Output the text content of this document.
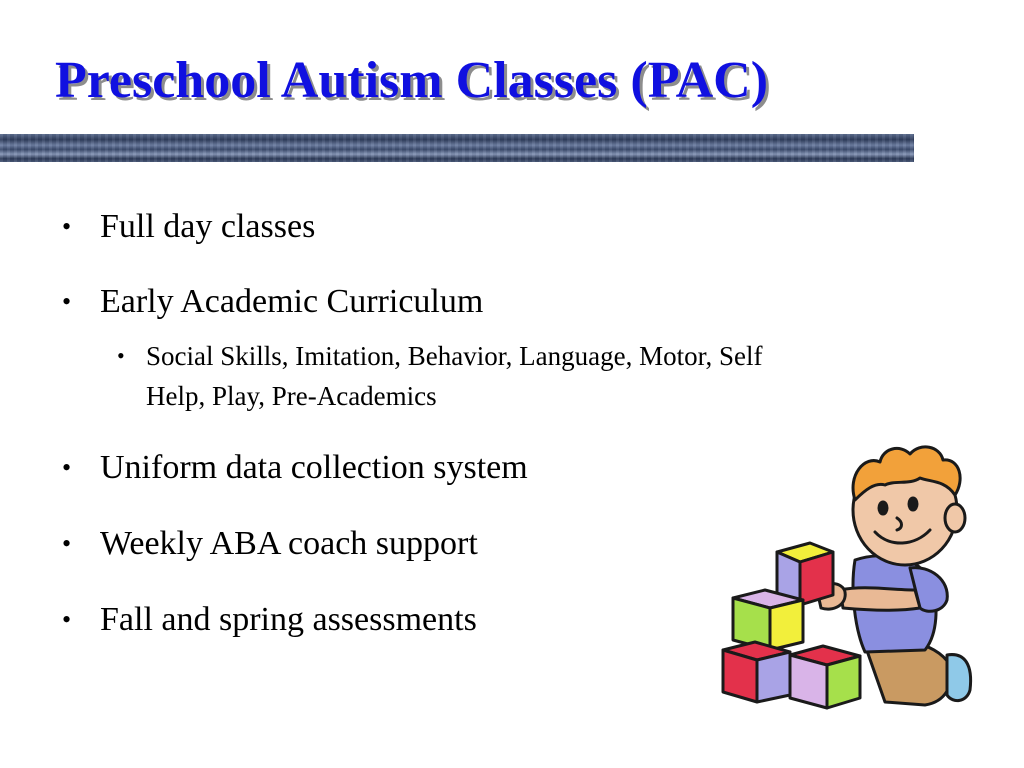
Preschool Autism Classes (PAC)
• Full day classes
• Early Academic Curriculum
• Social Skills, Imitation, Behavior, Language, Motor, Self Help, Play, Pre-Academics
• Uniform data collection system
• Weekly ABA coach support
• Fall and spring assessments
